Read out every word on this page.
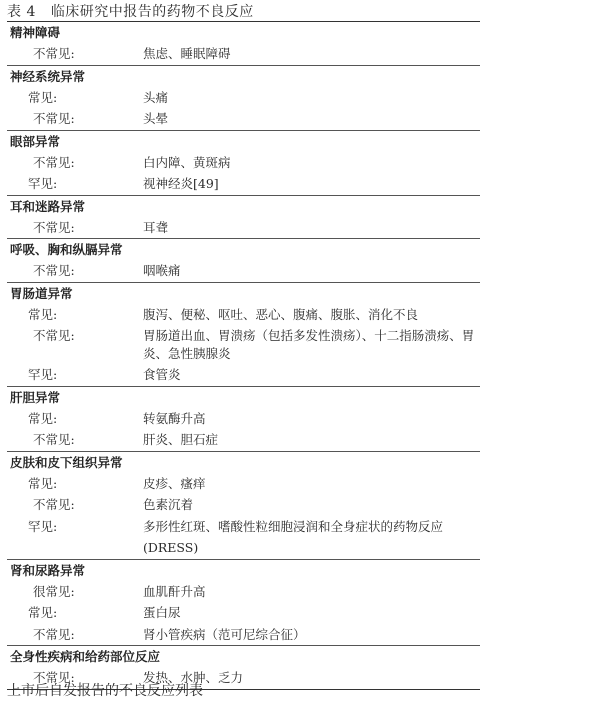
表 4 临床研究中报告的药物不良反应
精神障碍
不常见:	焦虑、睡眠障碍
神经系统异常
常见:	头痛
不常见:	头晕
眼部异常
不常见:	白内障、黄斑病
罕见:	视神经炎[49]
耳和迷路异常
不常见:	耳聋
呼吸、胸和纵膈异常
不常见:	咽喉痛
胃肠道异常
常见:	腹泻、便秘、呕吐、恶心、腹痛、腹胀、消化不良
不常见:	胃肠道出血、胃溃疡（包括多发性溃疡）、十二指肠溃疡、胃炎、急性胰腺炎
罕见:	食管炎
肝胆异常
常见:	转氨酶升高
不常见:	肝炎、胆石症
皮肤和皮下组织异常
常见:	皮疹、瘙痒
不常见:	色素沉着
罕见:	多形性红斑、嗜酸性粒细胞浸润和全身症状的药物反应(DRESS)
肾和尿路异常
很常见:	血肌酐升高
常见:	蛋白尿
不常见:	肾小管疾病（范可尼综合征）
全身性疾病和给药部位反应
不常见:	发热、水肿、乏力
上市后自发报告的不良反应列表
